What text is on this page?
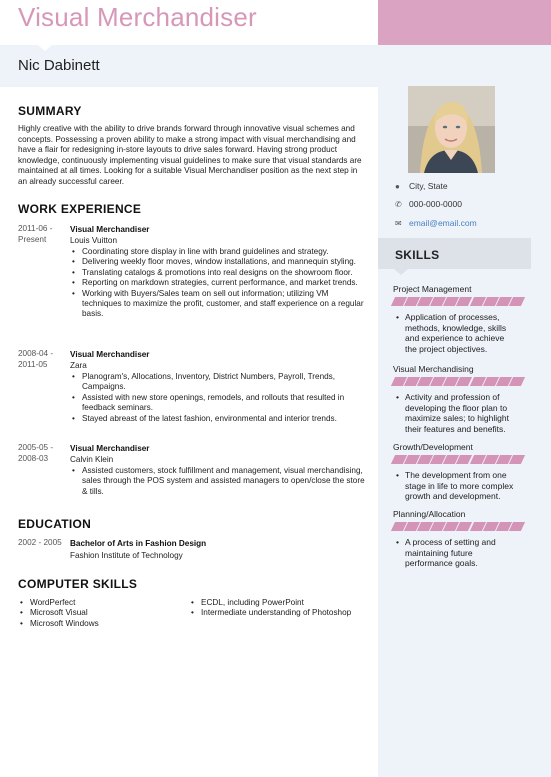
Visual Merchandiser
Nic Dabinett
● City, State
✆ 000-000-0000
✉ email@email.com
SKILLS
Project Management
• Application of processes, methods, knowledge, skills and experience to achieve the project objectives.
Visual Merchandising
• Activity and profession of developing the floor plan to maximize sales; to highlight their features and benefits.
Growth/Development
• The development from one stage in life to more complex growth and development.
Planning/Allocation
• A process of setting and maintaining future performance goals.
SUMMARY
Highly creative with the ability to drive brands forward through innovative visual schemes and concepts. Possessing a proven ability to make a strong impact with visual merchandising and have a flair for redesigning in-store layouts to drive sales forward. Having strong product knowledge, continuously implementing visual guidelines to make sure that visual standards are maintained at all times. Looking for a suitable Visual Merchandiser position as the next step in an already successful career.
WORK EXPERIENCE
2011-06 - Present
Visual Merchandiser
Louis Vuitton
• Coordinating store display in line with brand guidelines and strategy.
• Delivering weekly floor moves, window installations, and mannequin styling.
• Translating catalogs & promotions into real designs on the showroom floor.
• Reporting on markdown strategies, current performance, and market trends.
• Working with Buyers/Sales team on sell out information; utilizing VM techniques to maximize the profit, customer, and staff experience on a regular basis.
2008-04 - 2011-05
Visual Merchandiser
Zara
• Planogram's, Allocations, Inventory, District Numbers, Payroll, Trends, Campaigns.
• Assisted with new store openings, remodels, and rollouts that resulted in feedback seminars.
• Stayed abreast of the latest fashion, environmental and interior trends.
2005-05 - 2008-03
Visual Merchandiser
Calvin Klein
• Assisted customers, stock fulfillment and management, visual merchandising, sales through the POS system and assisted managers to open/close the store & tills.
EDUCATION
2002 - 2005 Bachelor of Arts in Fashion Design
Fashion Institute of Technology
COMPUTER SKILLS
• WordPerfect
• Microsoft Visual
• Microsoft Windows
• ECDL, including PowerPoint
• Intermediate understanding of Photoshop
